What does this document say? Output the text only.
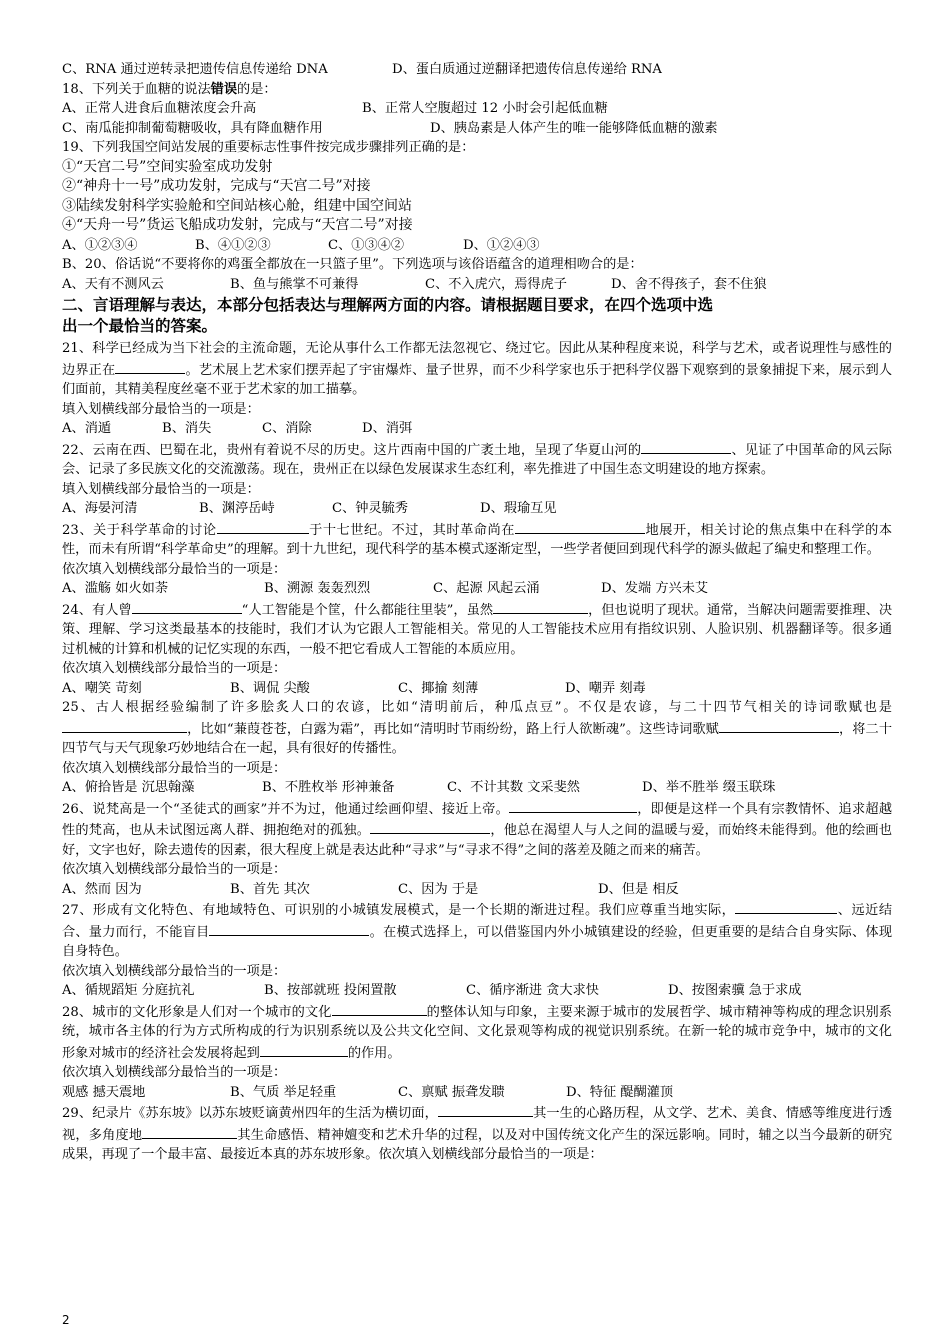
C、RNA 通过逆转录把遗传信息传递给 DNA	D、蛋白质通过逆翻译把遗传信息传递给 RNA
18、下列关于血糖的说法错误的是：
A、正常人进食后血糖浓度会升高	B、正常人空腹超过 12 小时会引起低血糖
C、南瓜能抑制葡萄糖吸收，具有降血糖作用	D、胰岛素是人体产生的唯一能够降低血糖的激素
19、下列我国空间站发展的重要标志性事件按完成步骤排列正确的是：
①“天宫二号”空间实验室成功发射
②“神舟十一号”成功发射，完成与“天宫二号”对接
③陆续发射科学实验舱和空间站核心舱，组建中国空间站
④“天舟一号”货运飞船成功发射，完成与“天宫二号”对接
A、①②③④	B、④①②③	C、①③④②	D、①②④③
B、20、俗话说“不要将你的鸡蛋全都放在一只篮子里”。下列选项与该俗语蕴含的道理相吻合的是：
A、天有不测风云	B、鱼与熊掌不可兼得	C、不入虎穴，焉得虎子	D、舍不得孩子，套不住狼
二、言语理解与表达，本部分包括表达与理解两方面的内容。请根据题目要求，在四个选项中选
出一个最恰当的答案。
21、科学已经成为当下社会的主流命题，无论从事什么工作都无法忽视它、绕过它。因此从某种程度来说，科学与艺术，或者说理性与感性的边界正在	。艺术展上艺术家们摆弄起了宇宙爆炸、量子世界，而不少科学家也乐于把科学仪器下观察到的景象捕捉下来，展示到人们面前，其精美程度丝毫不亚于艺术家的加工描摹。
填入划横线部分最恰当的一项是：
A、消遁	B、消失	C、消除	D、消弭
22、云南在西、巴蜀在北，贵州有着说不尽的历史。这片西南中国的广袤土地，呈现了华夏山河的	、见证了中国革命的风云际会、记录了多民族文化的交流激荡。现在，贵州正在以绿色发展谋求生态红利，率先推进了中国生态文明建设的地方探索。
填入划横线部分最恰当的一项是：
A、海晏河清	B、渊渟岳峙	C、钟灵毓秀	D、瑕瑜互见
23、关于科学革命的讨论	于十七世纪。不过，其时革命尚在	地展开，相关讨论的焦点集中在科学的本性，而未有所谓“科学革命史”的理解。到十九世纪，现代科学的基本模式逐渐定型，一些学者便回到现代科学的源头做起了编史和整理工作。
依次填入划横线部分最恰当的一项是：
A、滥觞 如火如荼	B、溯源 轰轰烈烈	C、起源 风起云涌	D、发端 方兴未艾
24、有人曾	“人工智能是个筐，什么都能往里装”，虽然	，但也说明了现状。通常，当解决问题需要推理、决策、理解、学习这类最基本的技能时，我们才认为它跟人工智能相关。常见的人工智能技术应用有指纹识别、人脸识别、机器翻译等。很多通过机械的计算和机械的记忆实现的东西，一般不把它看成人工智能的本质应用。
依次填入划横线部分最恰当的一项是：
A、嘲笑 苛刻	B、调侃 尖酸	C、揶揄 刻薄	D、嘲弄 刻毒
25、古人根据经验编制了许多脍炙人口的农谚，比如“清明前后，种瓜点豆”。不仅是农谚，与二十四节气相关的诗词歌赋也是，比如“蒹葭苍苍，白露为霜”，再比如“清明时节雨纷纷，路上行人欲断魂”。这些诗词歌赋	，将二十四节气与天气现象巧妙地结合在一起，具有很好的传播性。
依次填入划横线部分最恰当的一项是：
A、俯拾皆是 沉思翰藻	B、不胜枚举 形神兼备	C、不计其数 文采斐然	D、举不胜举 缀玉联珠
26、说梵高是一个“圣徒式的画家”并不为过，他通过绘画仰望、接近上帝。	，即便是这样一个具有宗教情怀、追求超越性的梵高，也从未试图远离人群、拥抱绝对的孤独。	，他总在渴望人与人之间的温暖与爱，而始终未能得到。他的绘画也好，文字也好，除去遗传的因素，很大程度上就是表达此种“寻求”与“寻求不得”之间的落差及随之而来的痛苦。
依次填入划横线部分最恰当的一项是：
A、然而 因为	B、首先 其次	C、因为 于是	D、但是 相反
27、形成有文化特色、有地域特色、可识别的小城镇发展模式，是一个长期的渐进过程。我们应尊重当地实际，	、远近结合、量力而行，不能盲目	。在模式选择上，可以借鉴国内外小城镇建设的经验，但更重要的是结合自身实际、体现自身特色。
依次填入划横线部分最恰当的一项是：
A、循规蹈矩 分庭抗礼	B、按部就班 投闲置散	C、循序渐进 贪大求快	D、按图索骥 急于求成
28、城市的文化形象是人们对一个城市的文化	的整体认知与印象，主要来源于城市的发展哲学、城市精神等构成的理念识别系统，城市各主体的行为方式所构成的行为识别系统以及公共文化空间、文化景观等构成的视觉识别系统。在新一轮的城市竞争中，城市的文化形象对城市的经济社会发展将起到	的作用。
依次填入划横线部分最恰当的一项是：
观感 撼天震地	B、气质 举足轻重	C、禀赋 振聋发聩	D、特征 醍醐灌顶
29、纪录片《苏东坡》以苏东坡贬谪黄州四年的生活为横切面，	其一生的心路历程，从文学、艺术、美食、情感等维度进行透视，多角度地	其生命感悟、精神嬗变和艺术升华的过程，以及对中国传统文化产生的深远影响。同时，辅之以当今最新的研究成果，再现了一个最丰富、最接近本真的苏东坡形象。依次填入划横线部分最恰当的一项是：
2
